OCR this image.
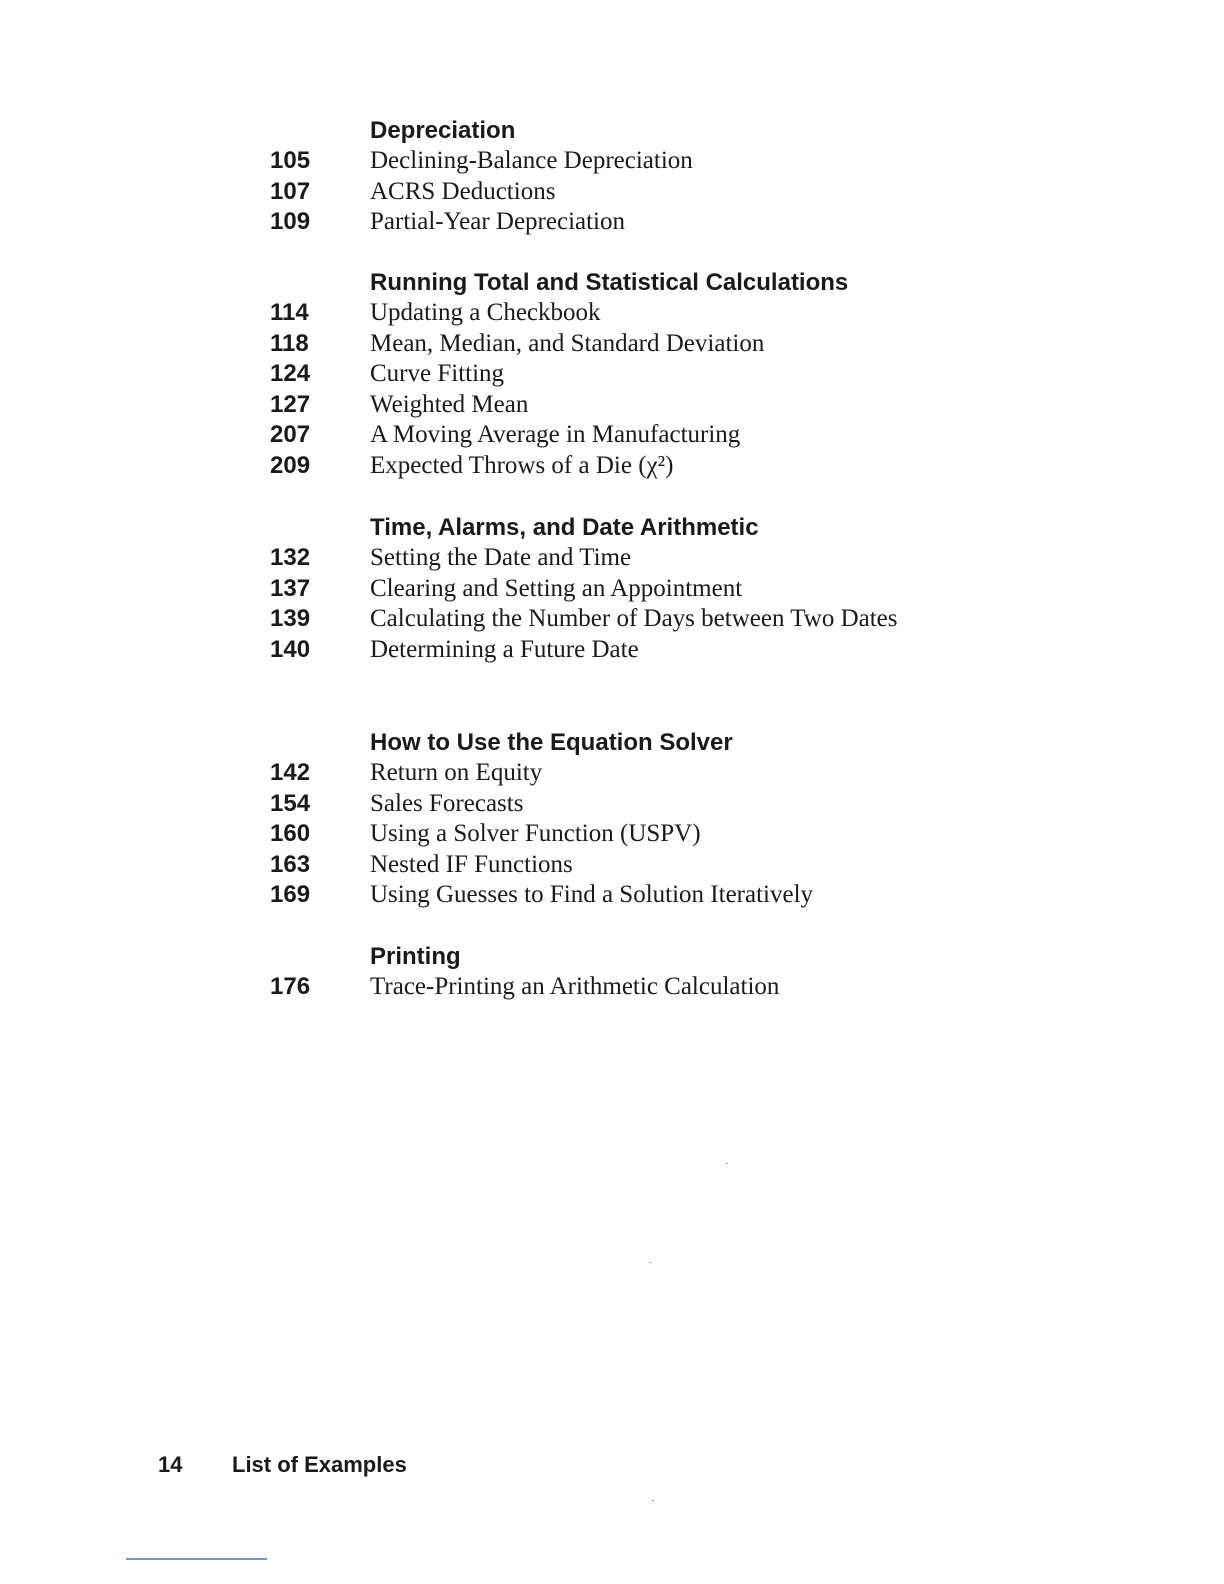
Depreciation
105	Declining-Balance Depreciation
107	ACRS Deductions
109	Partial-Year Depreciation
Running Total and Statistical Calculations
114	Updating a Checkbook
118	Mean, Median, and Standard Deviation
124	Curve Fitting
127	Weighted Mean
207	A Moving Average in Manufacturing
209	Expected Throws of a Die (χ²)
Time, Alarms, and Date Arithmetic
132	Setting the Date and Time
137	Clearing and Setting an Appointment
139	Calculating the Number of Days between Two Dates
140	Determining a Future Date
How to Use the Equation Solver
142	Return on Equity
154	Sales Forecasts
160	Using a Solver Function (USPV)
163	Nested IF Functions
169	Using Guesses to Find a Solution Iteratively
Printing
176	Trace-Printing an Arithmetic Calculation
14 List of Examples
